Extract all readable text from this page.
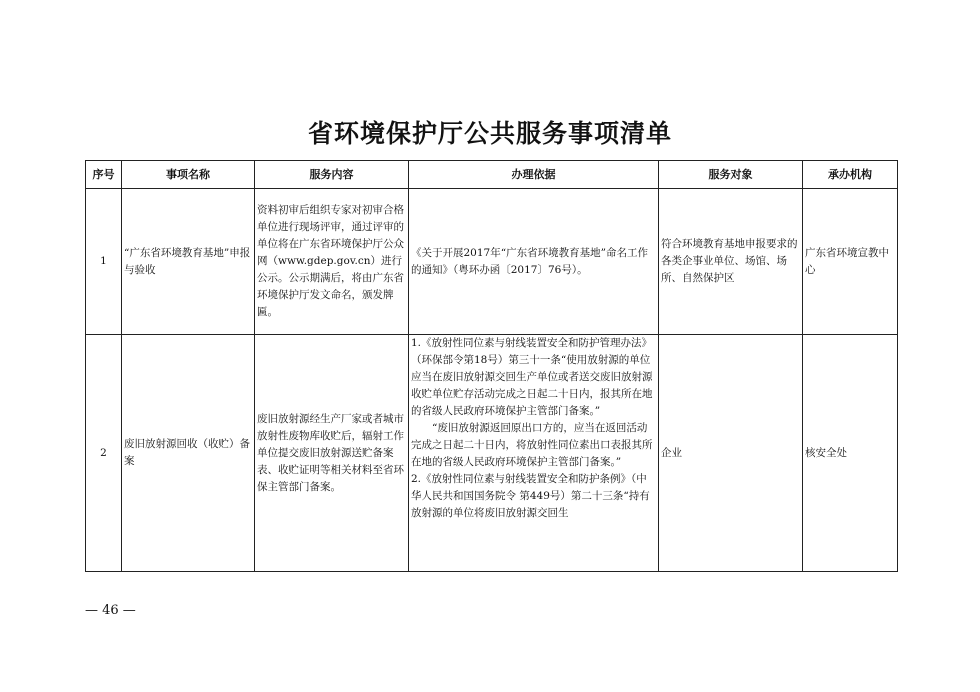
省环境保护厅公共服务事项清单
序号	事项名称	服务内容	办理依据	服务对象	承办机构
1	“广东省环境教育基地”申报与验收	资料初审后组织专家对初审合格单位进行现场评审，通过评审的单位将在广东省环境保护厅公众网（www.gdep.gov.cn）进行公示。公示期满后，将由广东省环境保护厅发文命名，颁发牌匾。	《关于开展2017年“广东省环境教育基地”命名工作的通知》（粤环办函〔2017〕76号）。	符合环境教育基地申报要求的各类企事业单位、场馆、场所、自然保护区	广东省环境宣教中心
2	废旧放射源回收（收贮）备案	废旧放射源经生产厂家或者城市放射性废物库收贮后，辐射工作单位提交废旧放射源送贮备案表、收贮证明等相关材料至省环保主管部门备案。	1.《放射性同位素与射线装置安全和防护管理办法》（环保部令第18号）第三十一条“使用放射源的单位应当在废旧放射源交回生产单位或者送交废旧放射源收贮单位贮存活动完成之日起二十日内，报其所在地的省级人民政府环境保护主管部门备案。”
“废旧放射源返回原出口方的，应当在返回活动完成之日起二十日内，将放射性同位素出口表报其所在地的省级人民政府环境保护主管部门备案。”
2.《放射性同位素与射线装置安全和防护条例》（中华人民共和国国务院令 第449号）第二十三条“持有放射源的单位将废旧放射源交回生	企业	核安全处
— 46 —
